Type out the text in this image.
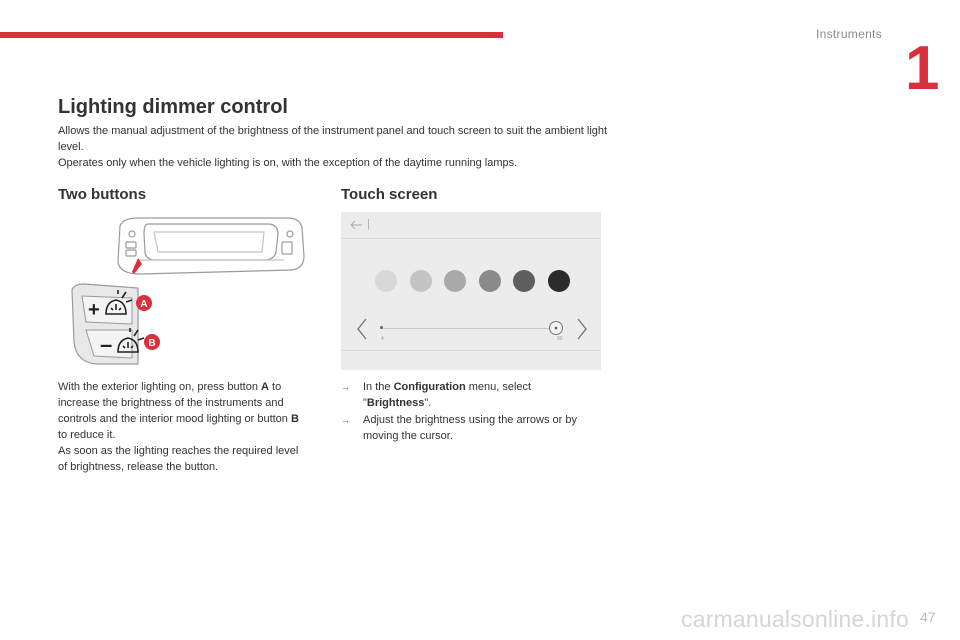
Instruments 1
Lighting dimmer control

Allows the manual adjustment of the brightness of the instrument panel and touch screen to suit the ambient light level.

Operates only when the vehicle lighting is on, with the exception of the daytime running lamps.

Two buttons	Touch screen
+
–
A
B
|
4	90

With the exterior lighting on, press button A to increase the brightness of the instruments and controls and the interior mood lighting or button B to reduce it.

As soon as the lighting reaches the required level of brightness, release the button.

→ In the Configuration menu, select "Brightness".
→ Adjust the brightness using the arrows or by moving the cursor.
carmanualsonline.info 47
